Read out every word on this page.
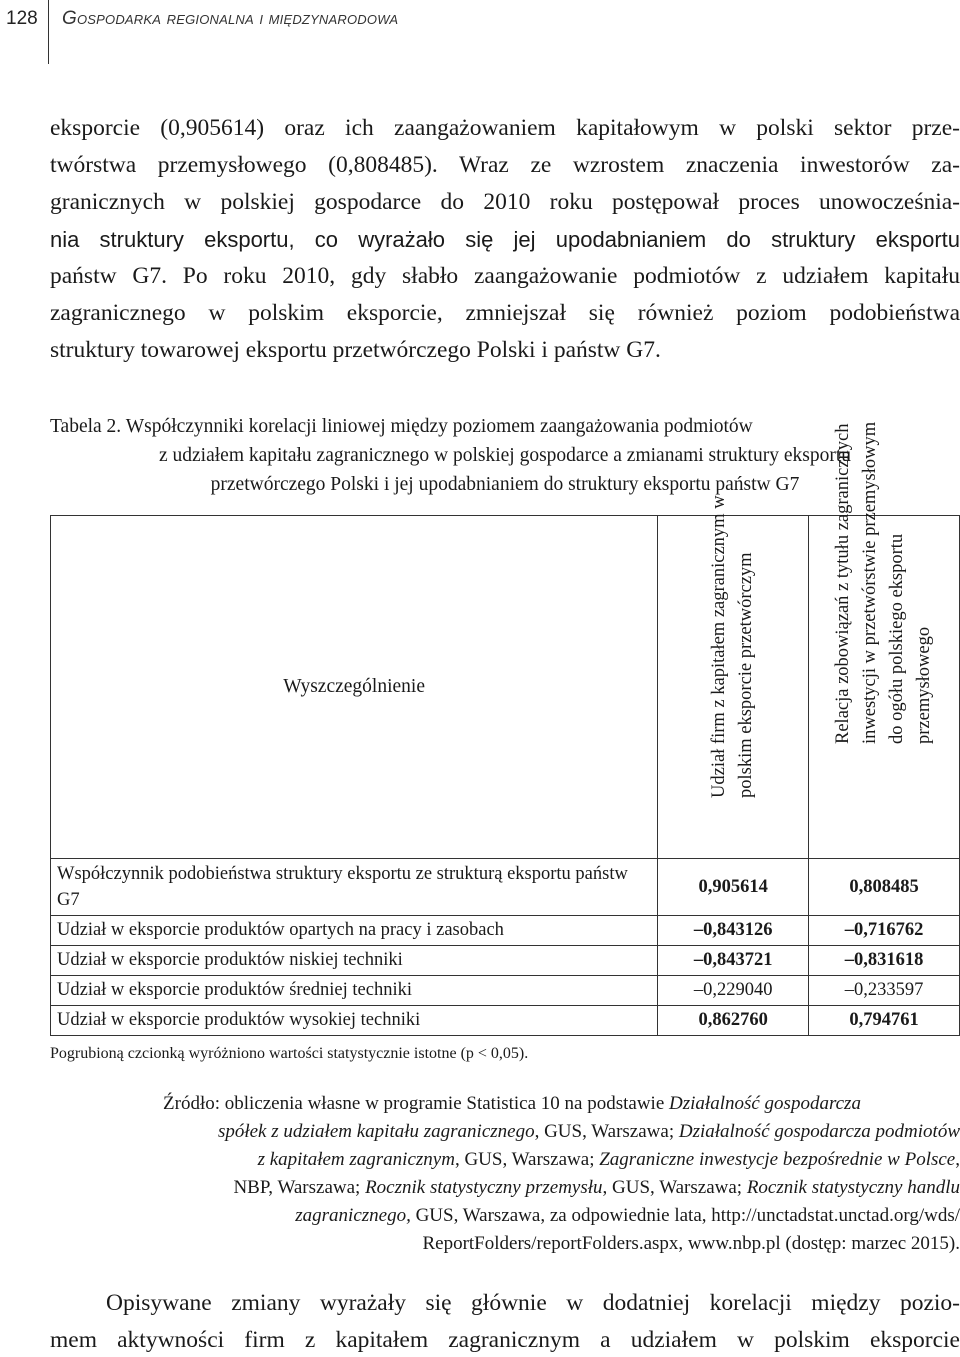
128 Gospodarka regionalna i międzynarodowa
eksporcie (0,905614) oraz ich zaangażowaniem kapitałowym w polski sektor prze-
twórstwa przemysłowego (0,808485). Wraz ze wzrostem znaczenia inwestorów za-
granicznych w polskiej gospodarce do 2010 roku postępował proces unowocześnia-
nia struktury eksportu, co wyrażało się jej upodabnianiem do struktury eksportu
państw G7. Po roku 2010, gdy słabło zaangażowanie podmiotów z udziałem kapitału
zagranicznego w polskim eksporcie, zmniejszał się również poziom podobieństwa
struktury towarowej eksportu przetwórczego Polski i państw G7.
Tabela 2. Współczynniki korelacji liniowej między poziomem zaangażowania podmiotów
z udziałem kapitału zagranicznego w polskiej gospodarce a zmianami struktury eksportu
przetwórczego Polski i jej upodabnianiem do struktury eksportu państw G7
Wyszczególnienie	Udział firm z kapitałem zagranicznym w polskim eksporcie przetwórczym	Relacja zobowiązań z tytułu zagranicznych inwestycji w przetwórstwie przemysłowym do ogółu polskiego eksportu przemysłowego

Współczynnik podobieństwa struktury eksportu ze strukturą eksportu państw G7	0,905614	0,808485
Udział w eksporcie produktów opartych na pracy i zasobach	–0,843126	–0,716762
Udział w eksporcie produktów niskiej techniki	–0,843721	–0,831618
Udział w eksporcie produktów średniej techniki	–0,229040	–0,233597
Udział w eksporcie produktów wysokiej techniki	0,862760	0,794761
Pogrubioną czcionką wyróżniono wartości statystycznie istotne (p < 0,05).
Źródło: obliczenia własne w programie Statistica 10 na podstawie Działalność gospodarcza
spółek z udziałem kapitału zagranicznego, GUS, Warszawa; Działalność gospodarcza podmiotów
z kapitałem zagranicznym, GUS, Warszawa; Zagraniczne inwestycje bezpośrednie w Polsce,
NBP, Warszawa; Rocznik statystyczny przemysłu, GUS, Warszawa; Rocznik statystyczny handlu
zagranicznego, GUS, Warszawa, za odpowiednie lata, http://unctadstat.unctad.org/wds/
ReportFolders/reportFolders.aspx, www.nbp.pl (dostęp: marzec 2015).
Opisywane zmiany wyrażały się głównie w dodatniej korelacji między pozio-
mem aktywności firm z kapitałem zagranicznym a udziałem w polskim eksporcie
